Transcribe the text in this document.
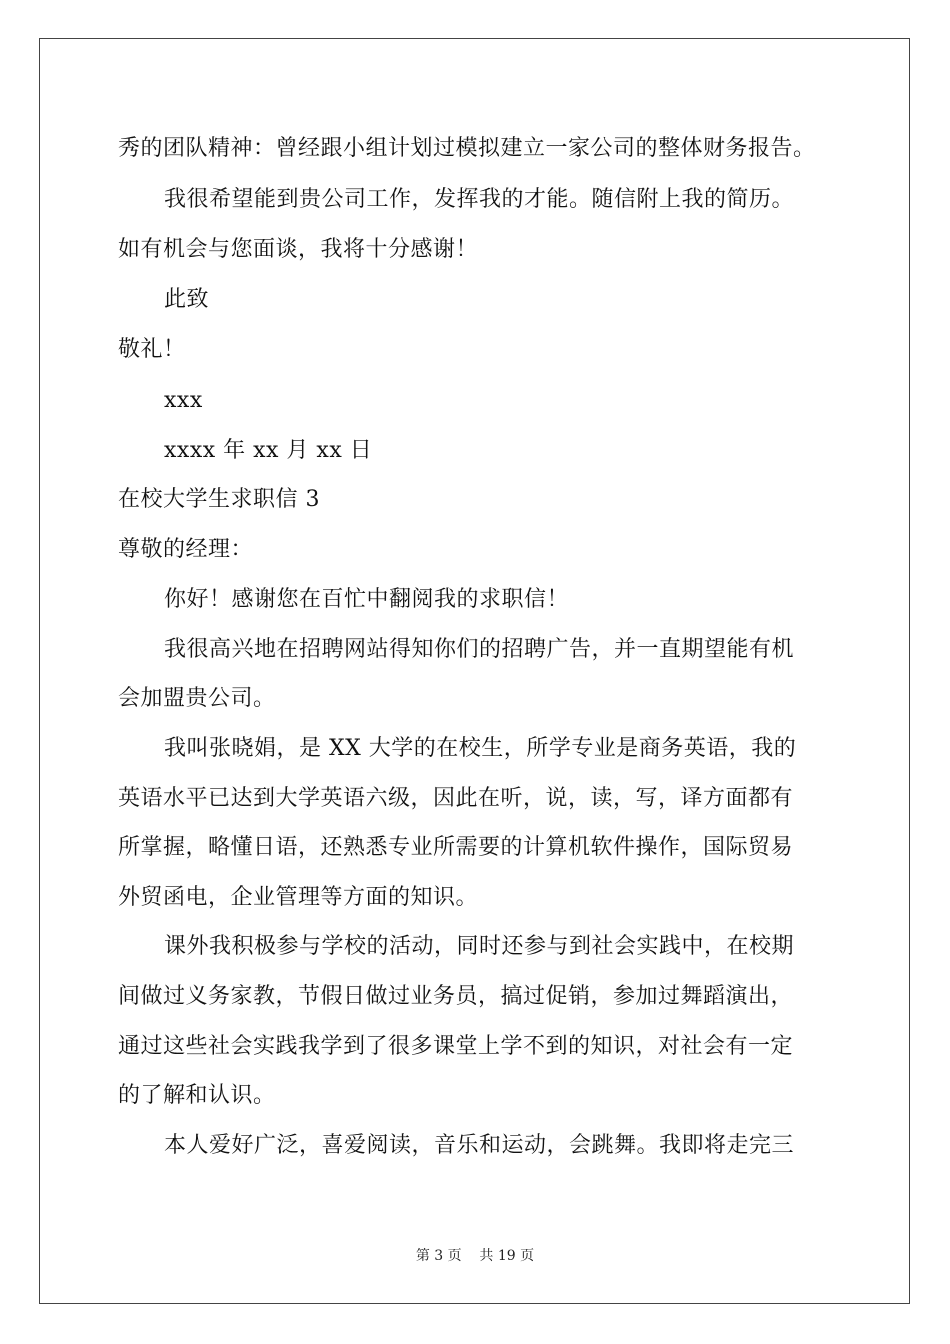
秀的团队精神：曾经跟小组计划过模拟建立一家公司的整体财务报告。
我很希望能到贵公司工作，发挥我的才能。随信附上我的简历。
如有机会与您面谈，我将十分感谢！
此致
敬礼！
xxx
xxxx 年 xx 月 xx 日
在校大学生求职信 3
尊敬的经理：
你好！感谢您在百忙中翻阅我的求职信！
我很高兴地在招聘网站得知你们的招聘广告，并一直期望能有机
会加盟贵公司。
我叫张晓娟，是 XX 大学的在校生，所学专业是商务英语，我的
英语水平已达到大学英语六级，因此在听，说，读，写，译方面都有
所掌握，略懂日语，还熟悉专业所需要的计算机软件操作，国际贸易
外贸函电，企业管理等方面的知识。
课外我积极参与学校的活动，同时还参与到社会实践中，在校期
间做过义务家教，节假日做过业务员，搞过促销，参加过舞蹈演出，
通过这些社会实践我学到了很多课堂上学不到的知识，对社会有一定
的了解和认识。
本人爱好广泛，喜爱阅读，音乐和运动，会跳舞。我即将走完三
第 3 页    共 19 页
